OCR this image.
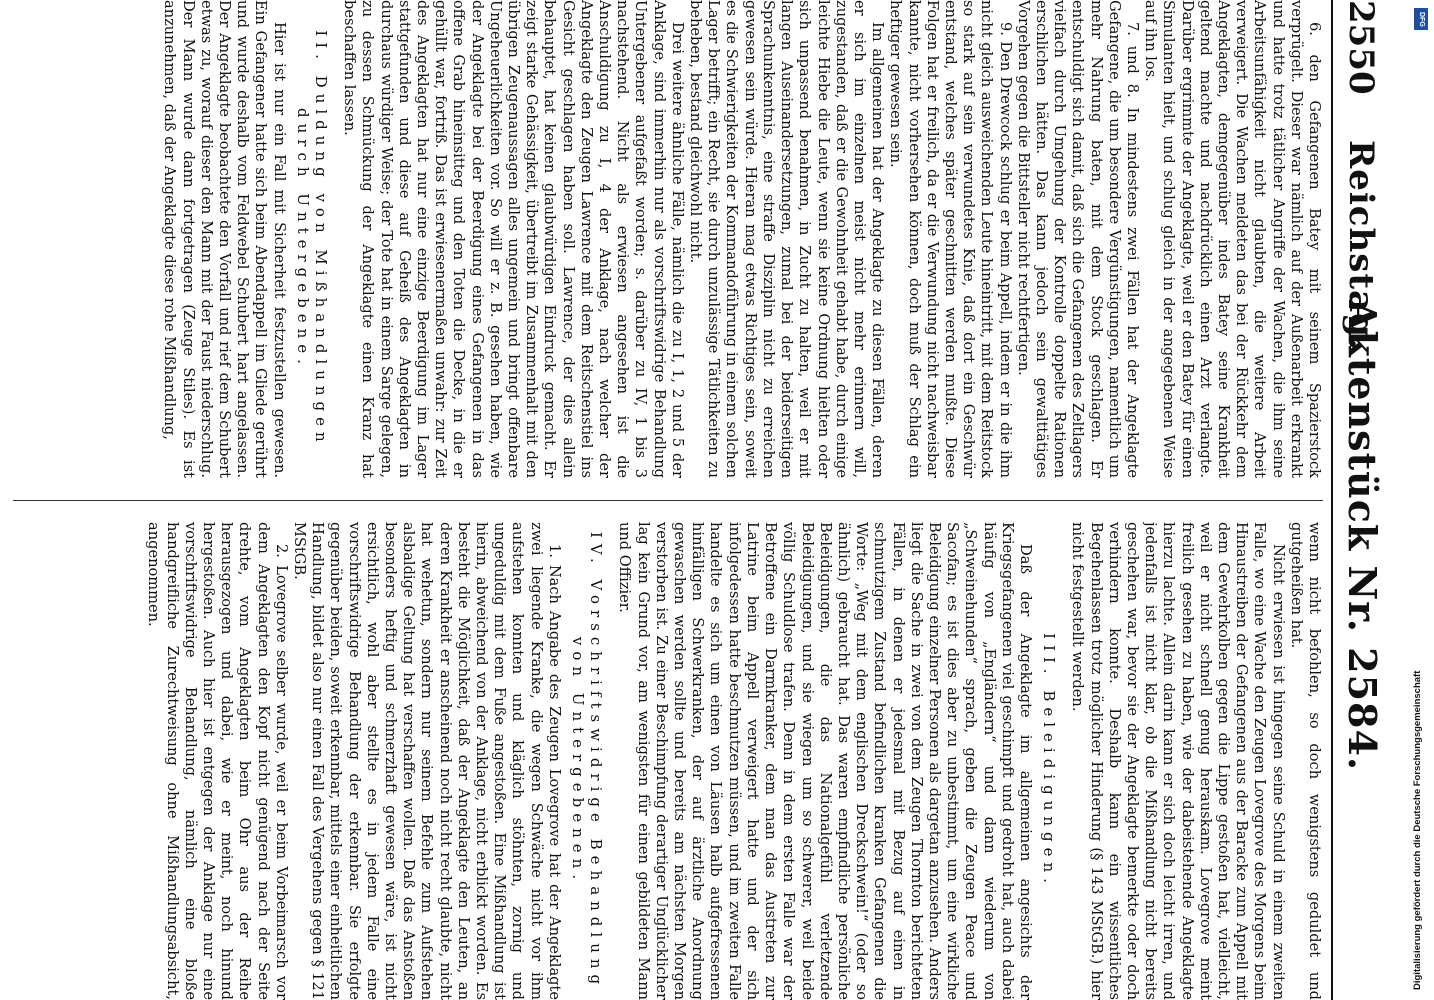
2550
Reichstag.
Aktenstück Nr. 2584.

6. den Gefangenen Batey mit seinem Spazierstock verprügelt. Dieser war nämlich auf der Außenarbeit erkrankt und hatte trotz tätlicher Angriffe der Wachen, die ihm seine Arbeitsunfähigkeit nicht glaubten, die weitere Arbeit verweigert. Die Wachen meldeten das bei der Rückkehr dem Angeklagten, demgegenüber indes Batey seine Krankheit geltend machte und nachdrücklich einen Arzt verlangte. Darüber ergrimmte der Angeklagte, weil er den Batey für einen Simulanten hielt, und schlug gleich in der angegebenen Weise auf ihn los.

7. und 8. In mindestens zwei Fällen hat der Angeklagte Gefangene, die um besondere Vergünstigungen, namentlich um mehr Nahrung baten, mit dem Stock geschlagen. Er entschuldigt sich damit, daß sich die Gefangenen des Zeltlagers vielfach durch Umgehung der Kontrolle doppelte Rationen erschlichen hätten. Das kann jedoch sein gewalttätiges Vorgehen gegen die Bittsteller nicht rechtfertigen.

9. Den Drewcock schlug er beim Appell, indem er in die ihm nicht gleich ausweichenden Leute hineintritt, mit dem Reitstock so stark auf sein verwundetes Knie, daß dort ein Geschwür entstand, welches später geschnitten werden mußte. Diese Folgen hat er freilich, da er die Verwundung nicht nachweisbar kannte, nicht vorhersehen können, doch muß der Schlag ein heftiger gewesen sein.

Im allgemeinen hat der Angeklagte zu diesen Fällen, deren er sich im einzelnen meist nicht mehr erinnern will, zugestanden, daß er die Gewohnheit gehabt habe, durch einige leichte Hiebe die Leute, wenn sie keine Ordnung hielten oder sich unpassend benahmen, in Zucht zu halten, weil er mit langen Auseinandersetzungen, zumal bei der beiderseitigen Sprachunkenntnis, eine straffe Disziplin nicht zu erreichen gewesen sein würde. Hieran mag etwas Richtiges sein, soweit es die Schwierigkeiten der Kommandoführung in einem solchen Lager betrifft; ein Recht, sie durch unzulässige Tätlichkeiten zu beheben, bestand gleichwohl nicht.

Drei weitere ähnliche Fälle, nämlich die zu I, 1, 2 und 5 der Anklage, sind immerhin nur als vorschriftswidrige Behandlung Untergebener aufgefaßt worden; s. darüber zu IV, 1 bis 3 nachstehend. Nicht als erwiesen angesehen ist die Anschuldigung zu I, 4 der Anklage, nach welcher der Angeklagte den Zeugen Lawrence mit dem Reitschenstiel ins Gesicht geschlagen haben soll. Lawrence, der dies allein behauptet, hat keinen glaubwürdigen Eindruck gemacht. Er zeigt starke Gehässigkeit, übertreibt im Zusammenhalt mit den übrigen Zeugenaussagen alles ungemein und bringt offenbare Ungeheuerlichkeiten vor. So will er z. B. gesehen haben, wie der Angeklagte bei der Beerdigung eines Gefangenen in das offene Grab hineinsitteg und den Toten die Decke, in die er gehüllt war, fortriß. Das ist erwiesenermaßen unwahr: zur Zeit des Angeklagten hat nur eine einzige Beerdigung im Lager stattgefunden und diese auf Geheiß des Angeklagten in durchaus würdiger Weise; der Tote hat in einem Sarge gelegen, zu dessen Schmückung der Angeklagte einen Kranz hat beschaffen lassen.

II. Duldung von Mißhandlungen durch Untergebene.

Hier ist nur ein Fall mit Sicherheit festzustellen gewesen. Ein Gefangener hatte sich beim Abendappell im Gliede gerührt und wurde deshalb vom Feldwebel Schubert hart angelassen. Der Angeklagte beobachtete den Vorfall und rief dem Schubert etwas zu, worauf dieser den Mann mit der Faust niederschlug. Der Mann wurde dann fortgetragen (Zeuge Stiles). Es ist anzunehmen, daß der Angeklagte diese rohe Mißhandlung,

wenn nicht befohlen, so doch wenigstens geduldet und gutgeheißen hat.

Nicht erwiesen ist hingegen seine Schuld in einem zweiten Falle, wo eine Wache den Zeugen Lovegrove des Morgens beim Hinaustreiben der Gefangenen aus der Baracke zum Appell mit dem Gewehrkolben gegen die Lippe gestoßen hat, vielleicht, weil er nicht schnell genug herauskam. Lovegrove meint freilich gesehen zu haben, wie der dabeistehende Angeklagte hierzu lachte. Allein darin kann er sich doch leicht irren, und jedenfalls ist nicht klar, ob die Mißhandlung nicht bereits geschehen war, bevor sie der Angeklagte bemerkte oder doch verhindern konnte. Deshalb kann ein wissentliches Begehenlassen trotz möglicher Hinderung (§ 143 MStGB.) hier nicht festgestellt werden.

III. Beleidigungen.

Daß der Angeklagte im allgemeinen angesichts der Kriegsgefangenen viel geschimpft und gedroht hat, auch dabei häufig von „Engländern“ und dann wiederum von „Schweinehunden“ sprach, geben die Zeugen Peace und Sacofan; es ist dies aber zu unbestimmt, um eine wirkliche Beleidigung einzelner Personen als dargetan anzusehen. Anders liegt die Sache in zwei von dem Zeugen Thornton berichteten Fällen, in denen er jedesmal mit Bezug auf einen in schmutzigem Zustand befindlichen kranken Gefangenen die Worte: „Weg mit dem englischen Dreckschwein!“ (oder so ähnlich) gebraucht hat. Das waren empfindliche persönliche Beleidigungen, die das Nationalgefühl verletzende Beleidigungen, und sie wiegen um so schwerer, weil beide völlig Schuldlose trafen. Denn in dem ersten Falle war der Betroffene ein Darmkranker, dem man das Austreten zur Latrine beim Appell verweigert hatte und der sich infolgedessen hatte beschmutzen müssen, und im zweiten Falle handelte es sich um einen von Läusen halb aufgefressenen hinfälligen Schwerkranken, der auf ärztliche Anordnung gewaschen werden sollte und bereits am nächsten Morgen verstorben ist. Zu einer Beschimpfung derartiger Unglücklicher lag kein Grund vor, am wenigsten für einen gebildeten Mann und Offizier.

IV. Vorschriftswidrige Behandlung von Untergebenen.

1. Nach Angabe des Zeugen Lovegrove hat der Angeklagte zwei liegende Kranke, die wegen Schwäche nicht vor ihm aufstehen konnten und kläglich stöhnten, zornig und ungeduldig mit dem Fuße angestoßen. Eine Mißhandlung ist hierin, abweichend von der Anklage, nicht erblickt worden. Es besteht die Möglichkeit, daß der Angeklagte den Leuten, an deren Krankheit er anscheinend noch nicht recht glaubte, nicht hat wehetun, sondern nur seinem Befehle zum Aufstehen alsbaldige Geltung hat verschaffen wollen. Daß das Anstoßen besonders heftig und schmerzhaft gewesen wäre, ist nicht ersichtlich, wohl aber stellte es in jedem Falle eine vorschriftswidrige Behandlung der erkennbar. Sie erfolgte gegenüber beiden, soweit erkennbar, mittels einer einheitlichen Handlung, bildet also nur einen Fall des Vergehens gegen § 121 MStGB.

2. Lovegrove selber wurde, weil er beim Vorbeimarsch vor dem Angeklagten den Kopf nicht genügend nach der Seite drehte, vom Angeklagten beim Ohr aus der Reihe herausgezogen und dabei, wie er meint, noch hinund hergestoßen. Auch hier ist entgegen der Anklage nur eine vorschriftswidrige Behandlung, nämlich eine bloße handgreifliche Zurechtweisung ohne Mißhandlungsabsicht, angenommen.

Digitalisierung gefördert durch die Deutsche Forschungsgemeinschaft
DFG
